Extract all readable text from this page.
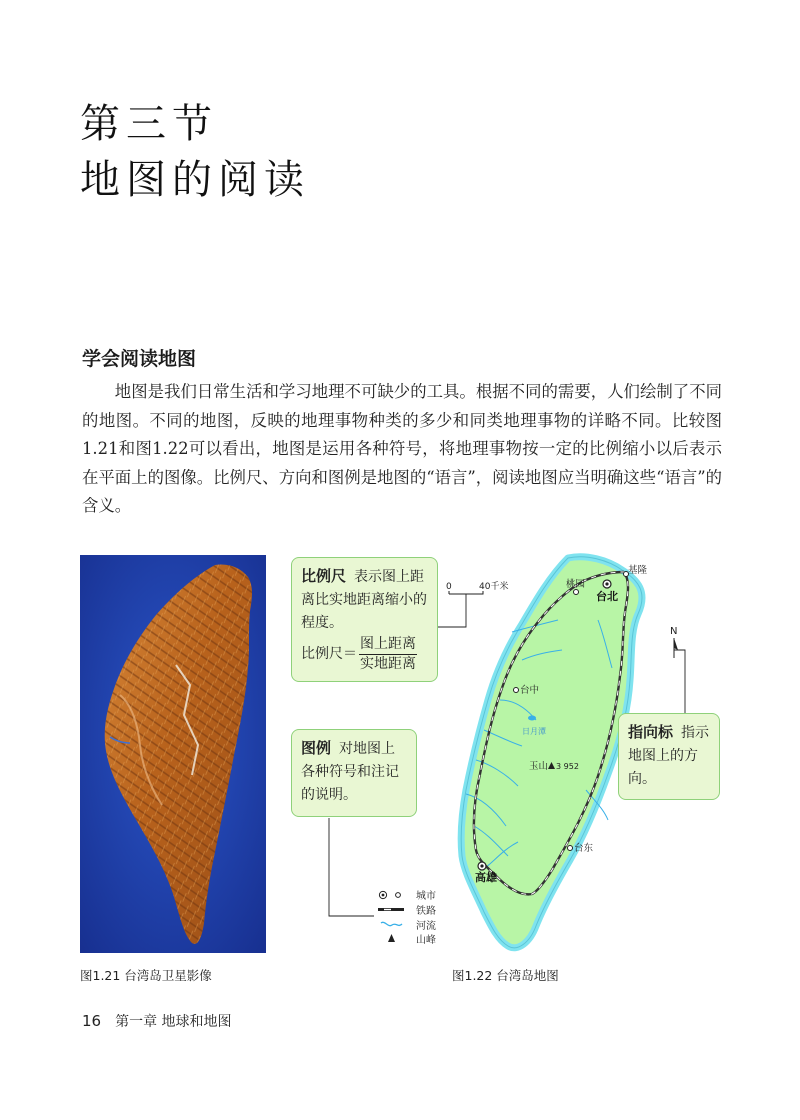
第三节
地图的阅读
学会阅读地图

地图是我们日常生活和学习地理不可缺少的工具。根据不同的需要，人们绘制了不同的地图。不同的地图，反映的地理事物种类的多少和同类地理事物的详略不同。比较图1.21和图1.22可以看出，地图是运用各种符号，将地理事物按一定的比例缩小以后表示在平面上的图像。比例尺、方向和图例是地图的“语言”，阅读地图应当明确这些“语言”的含义。

日月潭
基隆
桃园
台北
台中
台东
高雄
玉山 3 952
0	40千米
N
城市
铁路
河流
山峰
比例尺 表示图上距离比实地距离缩小的程度。
比例尺＝ $\frac{\text{图上距离}}{\text{实地距离}}$
图例 对地图上各种符号和注记的说明。
指向标 指示地图上的方向。
图1.21 台湾岛卫星影像	图1.22 台湾岛地图
16 第一章 地球和地图
